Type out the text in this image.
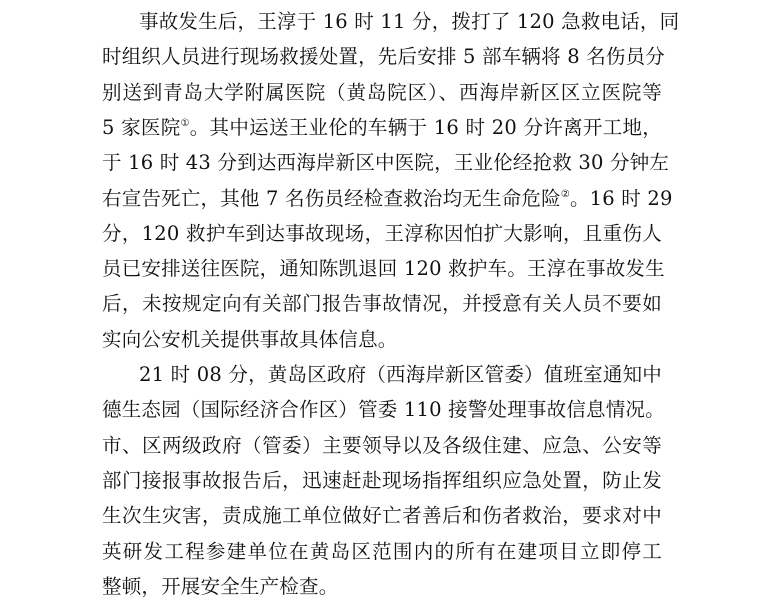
事故发生后，王淳于 16 时 11 分，拨打了 120 急救电话，同
时组织人员进行现场救援处置，先后安排 5 部车辆将 8 名伤员分
别送到青岛大学附属医院（黄岛院区）、西海岸新区区立医院等
5 家医院①。其中运送王业伦的车辆于 16 时 20 分许离开工地，
于 16 时 43 分到达西海岸新区中医院，王业伦经抢救 30 分钟左
右宣告死亡，其他 7 名伤员经检查救治均无生命危险②。16 时 29
分，120 救护车到达事故现场，王淳称因怕扩大影响，且重伤人
员已安排送往医院，通知陈凯退回 120 救护车。王淳在事故发生
后，未按规定向有关部门报告事故情况，并授意有关人员不要如
实向公安机关提供事故具体信息。
21 时 08 分，黄岛区政府（西海岸新区管委）值班室通知中
德生态园（国际经济合作区）管委 110 接警处理事故信息情况。
市、区两级政府（管委）主要领导以及各级住建、应急、公安等
部门接报事故报告后，迅速赶赴现场指挥组织应急处置，防止发
生次生灾害，责成施工单位做好亡者善后和伤者救治，要求对中
英研发工程参建单位在黄岛区范围内的所有在建项目立即停工
整顿，开展安全生产检查。
